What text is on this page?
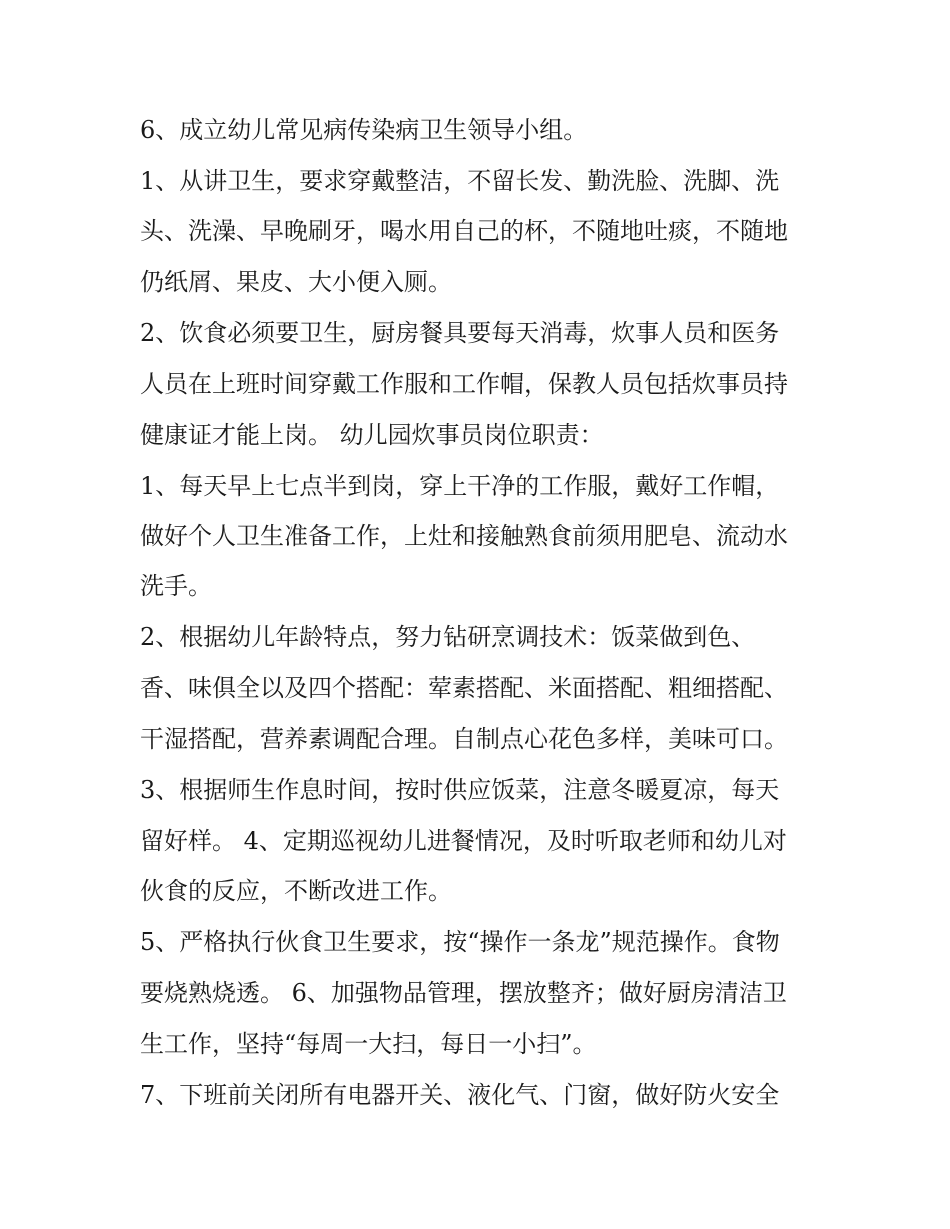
6、成立幼儿常见病传染病卫生领导小组。
1、从讲卫生，要求穿戴整洁，不留长发、勤洗脸、洗脚、洗
头、洗澡、早晚刷牙，喝水用自己的杯，不随地吐痰，不随地
仍纸屑、果皮、大小便入厕。
2、饮食必须要卫生，厨房餐具要每天消毒，炊事人员和医务
人员在上班时间穿戴工作服和工作帽，保教人员包括炊事员持
健康证才能上岗。 幼儿园炊事员岗位职责：
1、每天早上七点半到岗，穿上干净的工作服，戴好工作帽，
做好个人卫生准备工作，上灶和接触熟食前须用肥皂、流动水
洗手。
2、根据幼儿年龄特点，努力钻研烹调技术：饭菜做到色、
香、味俱全以及四个搭配：荤素搭配、米面搭配、粗细搭配、
干湿搭配，营养素调配合理。自制点心花色多样，美味可口。
3、根据师生作息时间，按时供应饭菜，注意冬暖夏凉，每天
留好样。 4、定期巡视幼儿进餐情况，及时听取老师和幼儿对
伙食的反应，不断改进工作。
5、严格执行伙食卫生要求，按“操作一条龙”规范操作。食物
要烧熟烧透。 6、加强物品管理，摆放整齐；做好厨房清洁卫
生工作，坚持“每周一大扫，每日一小扫”。
7、下班前关闭所有电器开关、液化气、门窗，做好防火安全
